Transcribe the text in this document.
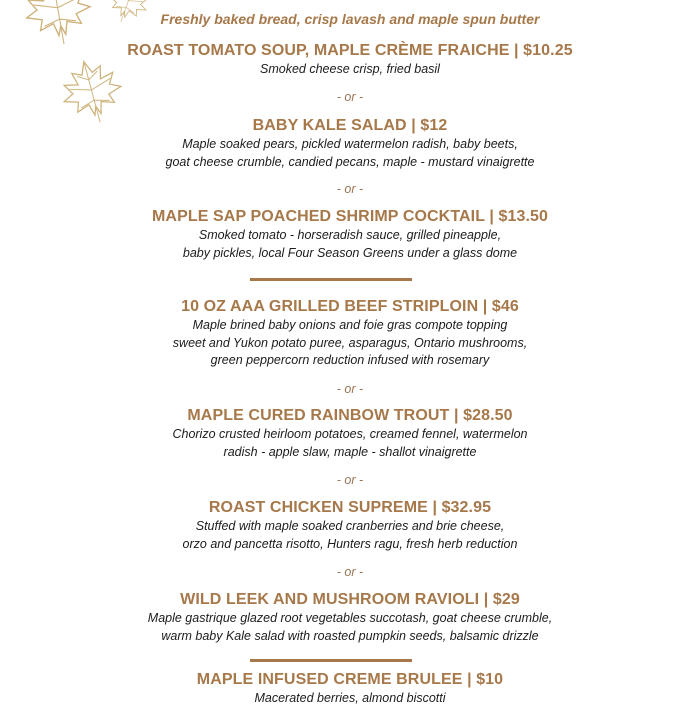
Freshly baked bread, crisp lavash and maple spun butter
ROAST TOMATO SOUP, MAPLE CRÈME FRAICHE | $10.25
Smoked cheese crisp, fried basil
- or -
BABY KALE SALAD | $12
Maple soaked pears, pickled watermelon radish, baby beets,
goat cheese crumble, candied pecans, maple - mustard vinaigrette
- or -
MAPLE SAP POACHED SHRIMP COCKTAIL | $13.50
Smoked tomato - horseradish sauce, grilled pineapple,
baby pickles, local Four Season Greens under a glass dome
10 OZ AAA GRILLED BEEF STRIPLOIN | $46
Maple brined baby onions and foie gras compote topping
sweet and Yukon potato puree, asparagus, Ontario mushrooms,
green peppercorn reduction infused with rosemary
- or -
MAPLE CURED RAINBOW TROUT | $28.50
Chorizo crusted heirloom potatoes, creamed fennel, watermelon
radish - apple slaw, maple - shallot vinaigrette
- or -
ROAST CHICKEN SUPREME | $32.95
Stuffed with maple soaked cranberries and brie cheese,
orzo and pancetta risotto, Hunters ragu, fresh herb reduction
- or -
WILD LEEK AND MUSHROOM RAVIOLI | $29
Maple gastrique glazed root vegetables succotash, goat cheese crumble,
warm baby Kale salad with roasted pumpkin seeds, balsamic drizzle
MAPLE INFUSED CREME BRULEE | $10
Macerated berries, almond biscotti
